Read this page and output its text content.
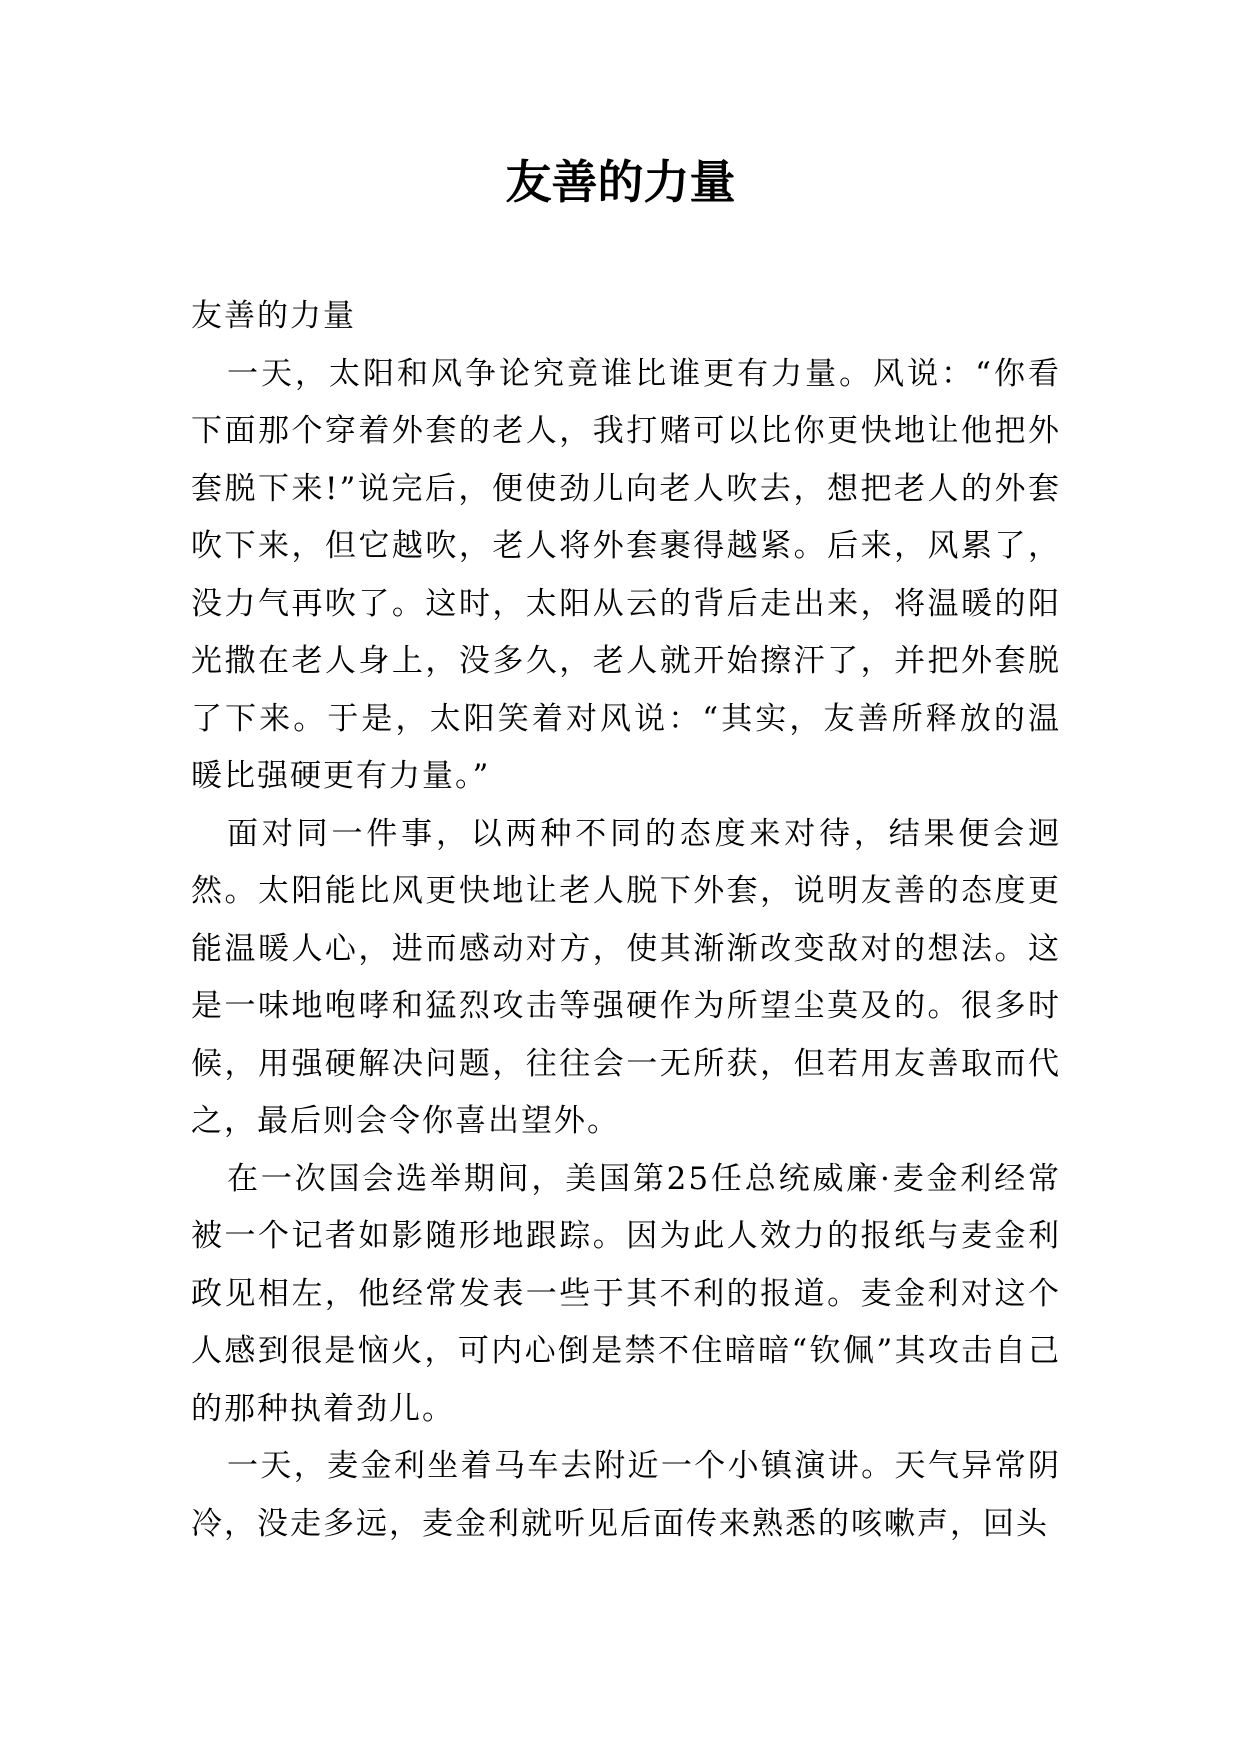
友善的力量

友善的力量

一天，太阳和风争论究竟谁比谁更有力量。风说：“你看下面那个穿着外套的老人，我打赌可以比你更快地让他把外套脱下来!”说完后，便使劲儿向老人吹去，想把老人的外套吹下来，但它越吹，老人将外套裹得越紧。后来，风累了，没力气再吹了。这时，太阳从云的背后走出来，将温暖的阳光撒在老人身上，没多久，老人就开始擦汗了，并把外套脱了下来。于是，太阳笑着对风说：“其实，友善所释放的温暖比强硬更有力量。”

面对同一件事，以两种不同的态度来对待，结果便会迥然。太阳能比风更快地让老人脱下外套，说明友善的态度更能温暖人心，进而感动对方，使其渐渐改变敌对的想法。这是一味地咆哮和猛烈攻击等强硬作为所望尘莫及的。很多时候，用强硬解决问题，往往会一无所获，但若用友善取而代之，最后则会令你喜出望外。

在一次国会选举期间，美国第25任总统威廉·麦金利经常被一个记者如影随形地跟踪。因为此人效力的报纸与麦金利政见相左，他经常发表一些于其不利的报道。麦金利对这个人感到很是恼火，可内心倒是禁不住暗暗“钦佩”其攻击自己的那种执着劲儿。

一天，麦金利坐着马车去附近一个小镇演讲。天气异常阴冷，没走多远，麦金利就听见后面传来熟悉的咳嗽声，回头
